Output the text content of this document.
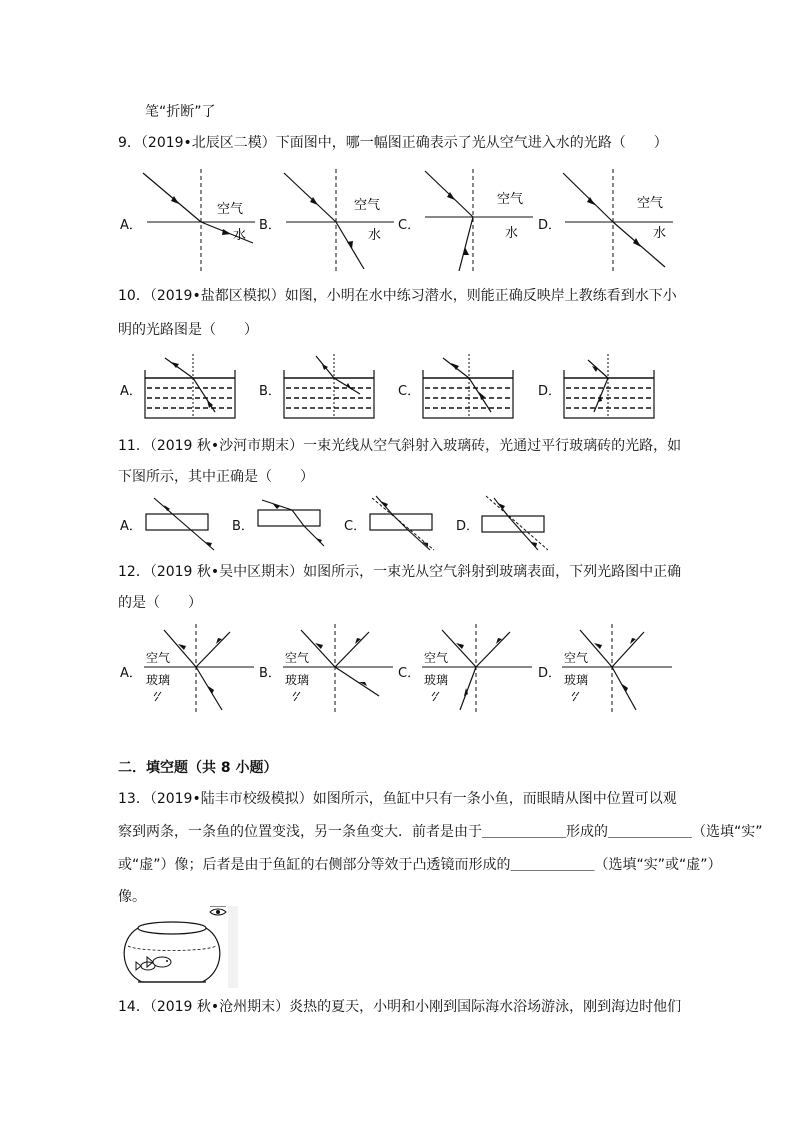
笔“折断”了
9．（2019•北辰区二模）下面图中，哪一幅图正确表示了光从空气进入水的光路（　　）
A．	B．	C．	D．
空气
水
空气
水
空气
水
空气
水
10．（2019•盐都区模拟）如图，小明在水中练习潜水，则能正确反映岸上教练看到水下小
明的光路图是（　　）
A．	B．	C．	D．
11．（2019 秋•沙河市期末）一束光线从空气斜射入玻璃砖，光通过平行玻璃砖的光路，如
下图所示，其中正确是（　　）
A．	B．	C．	D．
12．（2019 秋•吴中区期末）如图所示，一束光从空气斜射到玻璃表面，下列光路图中正确
的是（　　）
A．	B．	C．	D．
空气
玻璃
空气
玻璃
空气
玻璃
空气
玻璃
二．填空题（共 8 小题）
13．（2019•陆丰市校级模拟）如图所示，鱼缸中只有一条小鱼，而眼睛从图中位置可以观
察到两条，一条鱼的位置变浅，另一条鱼变大．前者是由于＿＿＿＿＿＿形成的＿＿＿＿＿＿（选填“实”
或“虚”）像；后者是由于鱼缸的右侧部分等效于凸透镜而形成的＿＿＿＿＿＿（选填“实”或“虚”）
像。
14．（2019 秋•沧州期末）炎热的夏天，小明和小刚到国际海水浴场游泳，刚到海边时他们
